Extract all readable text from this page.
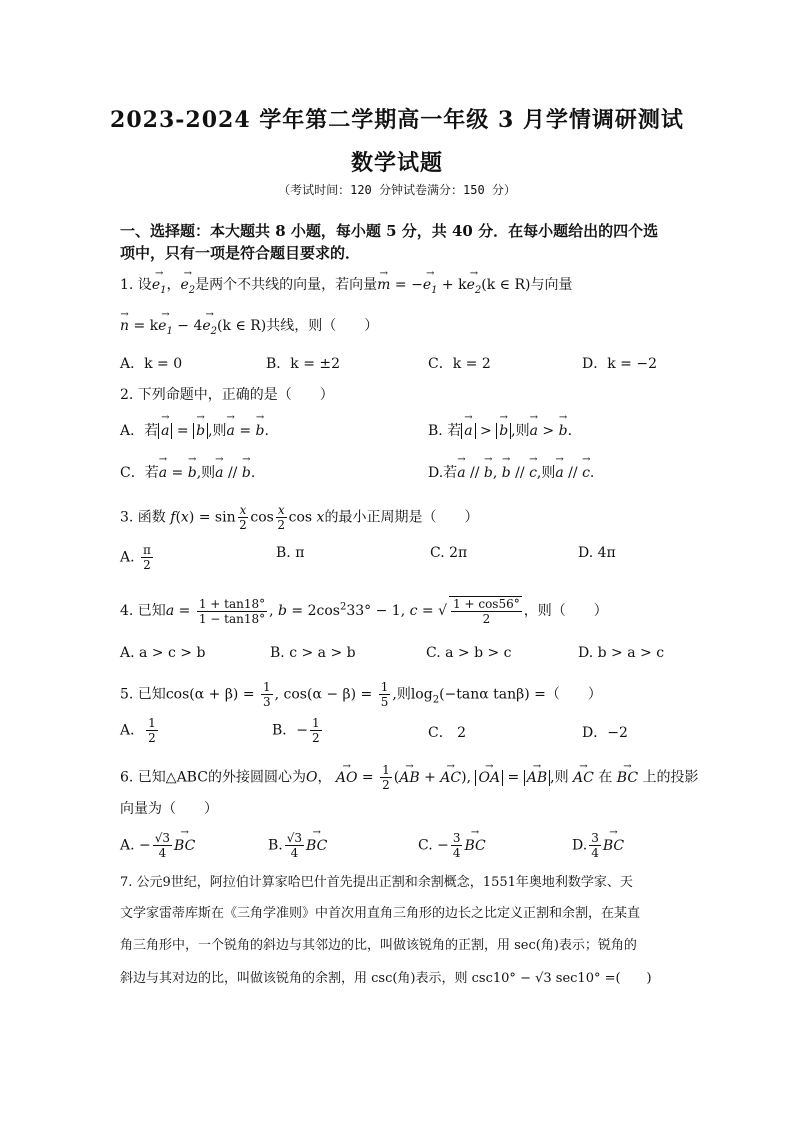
2023-2024 学年第二学期高一年级 3 月学情调研测试
数学试题
（考试时间：120 分钟试卷满分：150 分）
一、选择题：本大题共 8 小题，每小题 5 分，共 40 分．在每小题给出的四个选
项中，只有一项是符合题目要求的．
1. 设→ $e_1$，→ $e_2$是两个不共线的向量，若向量→ m = −→ $e_1 + k\to e_2(k$ ∈ R)与向量
→ $n = k\to e_1 - 4\to e_2(k$ ∈ R)共线，则（　　）
A．k = 0	B．k = ±2	C．k = 2	D．k = −2
2. 下列命题中，正确的是（　　）
A．若 → a = → b ,则→ a = → b.	B. 若 → a > → b ,则→ a > → b.
C．若→ a = → b,则→ a // → b.	D.若→ a // → b, → b // → c,则→ a // → c.
3. 函数 $f(x) = \sin \frac{x}{2}$ $\cos \frac{x}{2}$ cos x的最小正周期是（　　）
A. $\frac{\pi}{2}$	B. π	C. 2π	D. 4π
4. 已知$a = \frac{1 + \tan 18^\circ}{1 - \tan 18^\circ}$ , $b = 2\cos^233^\circ - 1$, c = √ $\frac{1 + \cos 56^\circ}{2}$ ，则（　　）
A. a > c > b	B. c > a > b	C. a > b > c	D. b > a > c
5. 已知$\cos(\alpha + \beta) = \frac{1}{3}$ , $\cos(\alpha - \beta) = \frac{1}{5}$ ,则$\log_2(-\tan\alpha$ tanβ) =（　　）
A． $\frac{1}{2}$	B．− $\frac{1}{2}$	C． 2	D．−2
6. 已知△ABC的外接圆圆心为O， → AO = $\frac{1}{2}$ (→ AB + → AC), → OA = → AB ,则 → AC 在 → BC 上的投影
向量为（　　）
A. − $\frac{√3}{4}$ → BC	B. $\frac{√3}{4}$ → BC	C. − $\frac{3}{4}$ → BC	D. $\frac{3}{4}$ → BC
7. 公元9世纪，阿拉伯计算家哈巴什首先提出正割和余割概念，1551年奥地利数学家、天
文学家雷蒂库斯在《三角学准则》中首次用直角三角形的边长之比定义正割和余割，在某直
角三角形中，一个锐角的斜边与其邻边的比，叫做该锐角的正割，用 sec(角)表示；锐角的
斜边与其对边的比，叫做该锐角的余割，用 csc(角)表示，则 csc10° − √3 sec10° =(　　)
